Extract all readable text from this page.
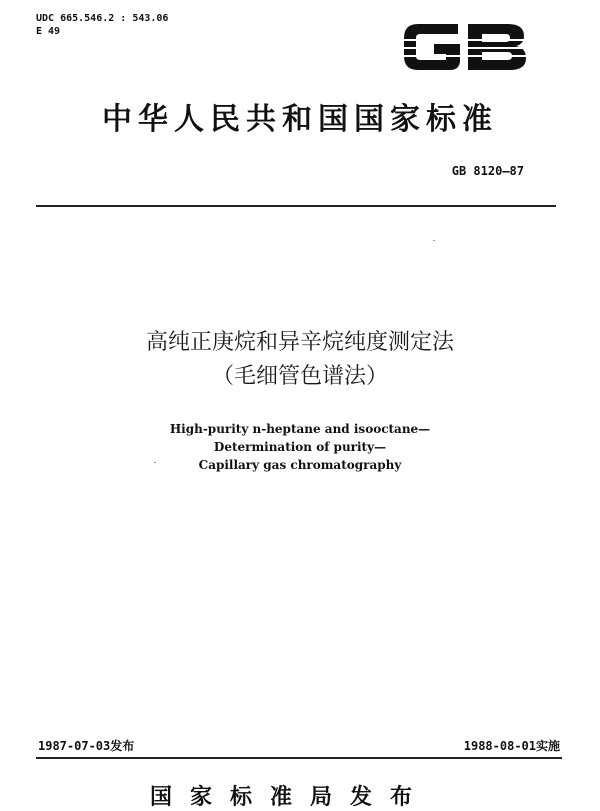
UDC 665.546.2 : 543.06
E 49
中华人民共和国国家标准
GB 8120—87
高纯正庚烷和异辛烷纯度测定法
（毛细管色谱法）
High-purity n-heptane and isooctane—
Determination of purity—
Capillary gas chromatography
1987-07-03发布	1988-08-01实施
国家标准局发布
